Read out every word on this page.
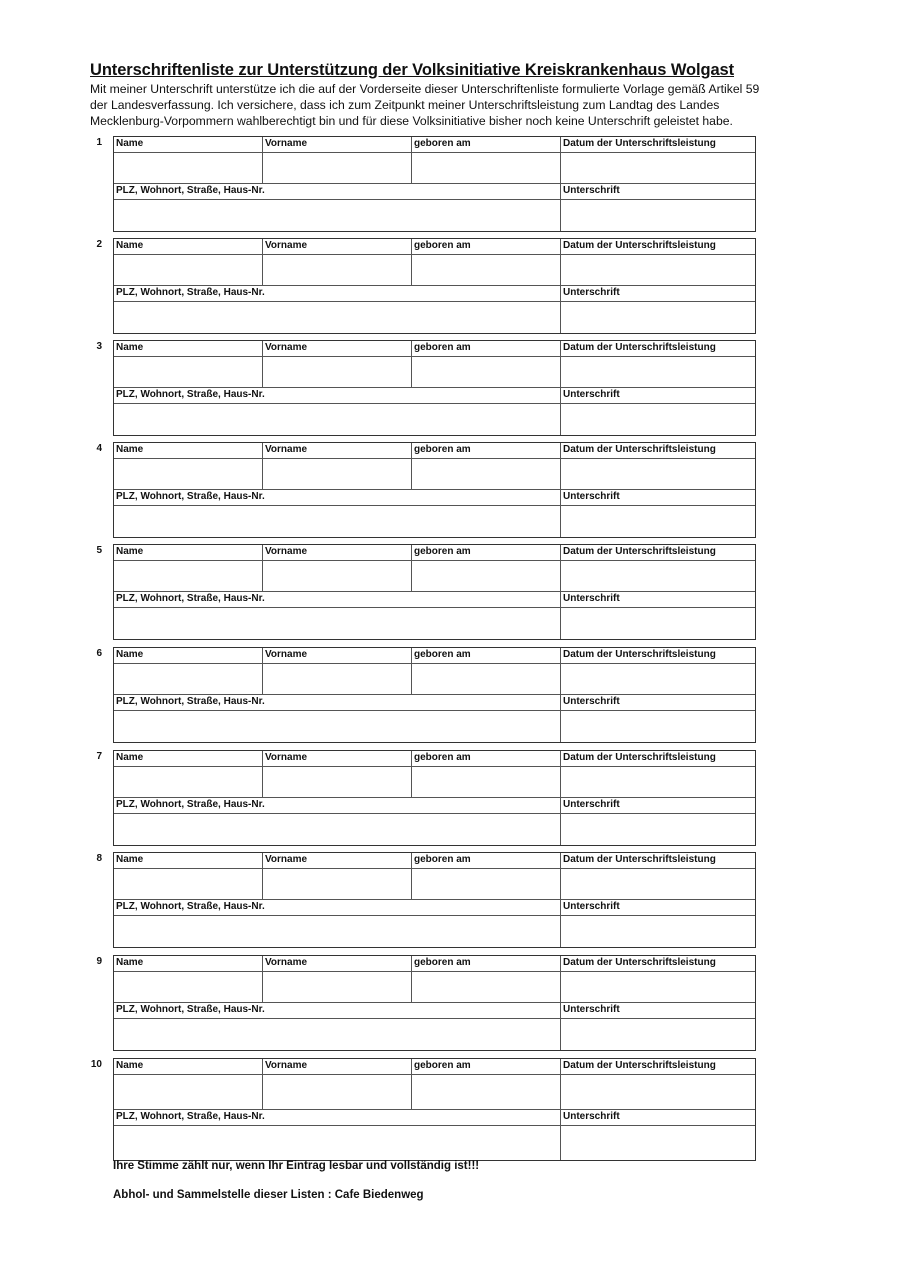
Unterschriftenliste zur Unterstützung der Volksinitiative Kreiskrankenhaus Wolgast

Mit meiner Unterschrift unterstütze ich die auf der Vorderseite dieser Unterschriftenliste formulierte Vorlage gemäß Artikel 59 der Landesverfassung. Ich versichere, dass ich zum Zeitpunkt meiner Unterschriftsleistung zum Landtag des Landes Mecklenburg-Vorpommern wahlberechtigt bin und für diese Volksinitiative bisher noch keine Unterschrift geleistet habe.

1 Name	Vorname	geboren am	Datum der Unterschriftsleistung
PLZ, Wohnort, Straße, Haus-Nr.	Unterschrift
2 Name	Vorname	geboren am	Datum der Unterschriftsleistung
PLZ, Wohnort, Straße, Haus-Nr.	Unterschrift
3 Name	Vorname	geboren am	Datum der Unterschriftsleistung
PLZ, Wohnort, Straße, Haus-Nr.	Unterschrift
4 Name	Vorname	geboren am	Datum der Unterschriftsleistung
PLZ, Wohnort, Straße, Haus-Nr.	Unterschrift
5 Name	Vorname	geboren am	Datum der Unterschriftsleistung
PLZ, Wohnort, Straße, Haus-Nr.	Unterschrift
6 Name	Vorname	geboren am	Datum der Unterschriftsleistung
PLZ, Wohnort, Straße, Haus-Nr.	Unterschrift
7 Name	Vorname	geboren am	Datum der Unterschriftsleistung
PLZ, Wohnort, Straße, Haus-Nr.	Unterschrift
8 Name	Vorname	geboren am	Datum der Unterschriftsleistung
PLZ, Wohnort, Straße, Haus-Nr.	Unterschrift
9 Name	Vorname	geboren am	Datum der Unterschriftsleistung
PLZ, Wohnort, Straße, Haus-Nr.	Unterschrift
10 Name	Vorname	geboren am	Datum der Unterschriftsleistung
PLZ, Wohnort, Straße, Haus-Nr.	Unterschrift

Ihre Stimme zählt nur, wenn Ihr Eintrag lesbar und vollständig ist!!!

Abhol- und Sammelstelle dieser Listen : Cafe Biedenweg
